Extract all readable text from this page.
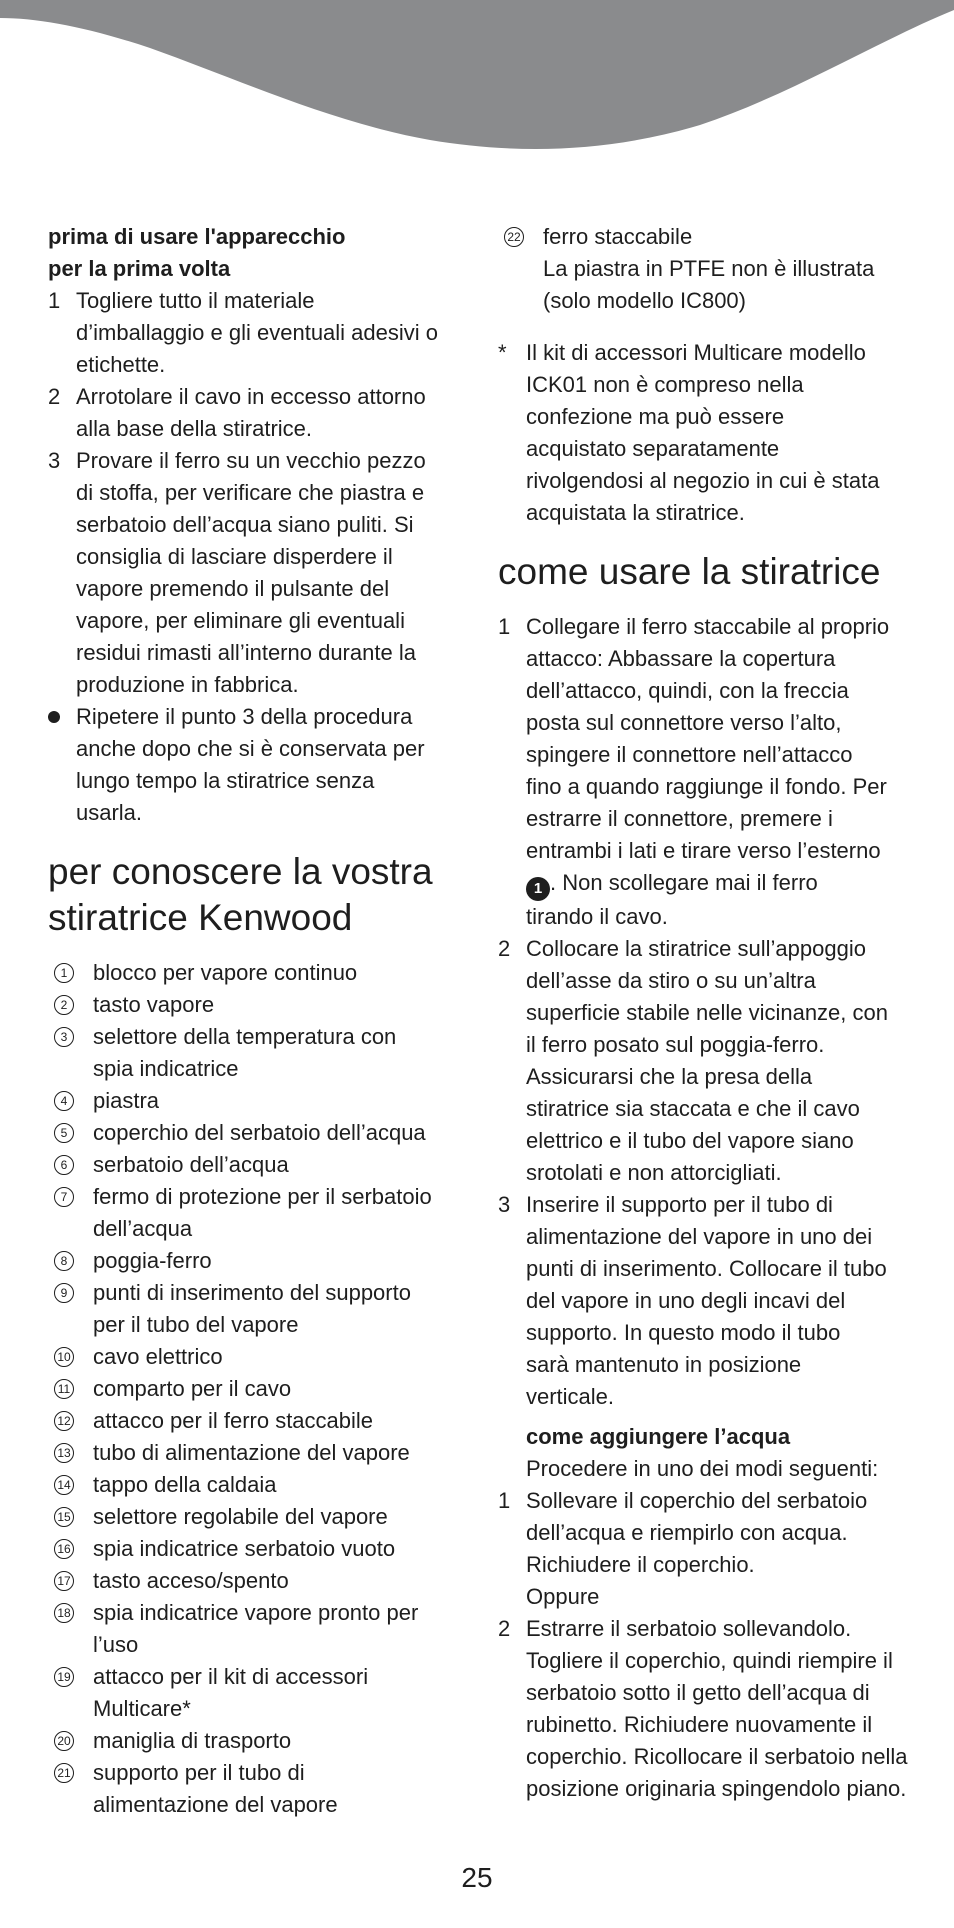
prima di usare l'apparecchio
per la prima volta
1 Togliere tutto il materiale
d’imballaggio e gli eventuali adesivi o
etichette.
2 Arrotolare il cavo in eccesso attorno
alla base della stiratrice.
3 Provare il ferro su un vecchio pezzo
di stoffa, per verificare che piastra e
serbatoio dell’acqua siano puliti. Si
consiglia di lasciare disperdere il
vapore premendo il pulsante del
vapore, per eliminare gli eventuali
residui rimasti all’interno durante la
produzione in fabbrica.
Ripetere il punto 3 della procedura
anche dopo che si è conservata per
lungo tempo la stiratrice senza
usarla.
per conoscere la vostra
stiratrice Kenwood
1	blocco per vapore continuo
2	tasto vapore
3	selettore della temperatura con
spia indicatrice
4	piastra
5	coperchio del serbatoio dell’acqua
6	serbatoio dell’acqua
7	fermo di protezione per il serbatoio
dell’acqua
8	poggia-ferro
9	punti di inserimento del supporto
per il tubo del vapore
10 cavo elettrico
11 comparto per il cavo
12 attacco per il ferro staccabile
13 tubo di alimentazione del vapore
14 tappo della caldaia
15 selettore regolabile del vapore
16 spia indicatrice serbatoio vuoto
17 tasto acceso/spento
18 spia indicatrice vapore pronto per
l’uso
19 attacco per il kit di accessori
Multicare*
20 maniglia di trasporto
21 supporto per il tubo di
alimentazione del vapore
22 ferro staccabile
La piastra in PTFE non è illustrata
(solo modello IC800)
* Il kit di accessori Multicare modello
ICK01 non è compreso nella
confezione ma può essere
acquistato separatamente
rivolgendosi al negozio in cui è stata
acquistata la stiratrice.
come usare la stiratrice
1 Collegare il ferro staccabile al proprio
attacco: Abbassare la copertura
dell’attacco, quindi, con la freccia
posta sul connettore verso l’alto,
spingere il connettore nell’attacco
fino a quando raggiunge il fondo. Per
estrarre il connettore, premere i
entrambi i lati e tirare verso l’esterno
1 . Non scollegare mai il ferro
tirando il cavo.
2 Collocare la stiratrice sull’appoggio
dell’asse da stiro o su un’altra
superficie stabile nelle vicinanze, con
il ferro posato sul poggia-ferro.
Assicurarsi che la presa della
stiratrice sia staccata e che il cavo
elettrico e il tubo del vapore siano
srotolati e non attorcigliati.
3 Inserire il supporto per il tubo di
alimentazione del vapore in uno dei
punti di inserimento. Collocare il tubo
del vapore in uno degli incavi del
supporto. In questo modo il tubo
sarà mantenuto in posizione
verticale.
come aggiungere l’acqua
Procedere in uno dei modi seguenti:
1 Sollevare il coperchio del serbatoio
dell’acqua e riempirlo con acqua.
Richiudere il coperchio.
Oppure
2 Estrarre il serbatoio sollevandolo.
Togliere il coperchio, quindi riempire il
serbatoio sotto il getto dell’acqua di
rubinetto. Richiudere nuovamente il
coperchio. Ricollocare il serbatoio nella
posizione originaria spingendolo piano.
25
